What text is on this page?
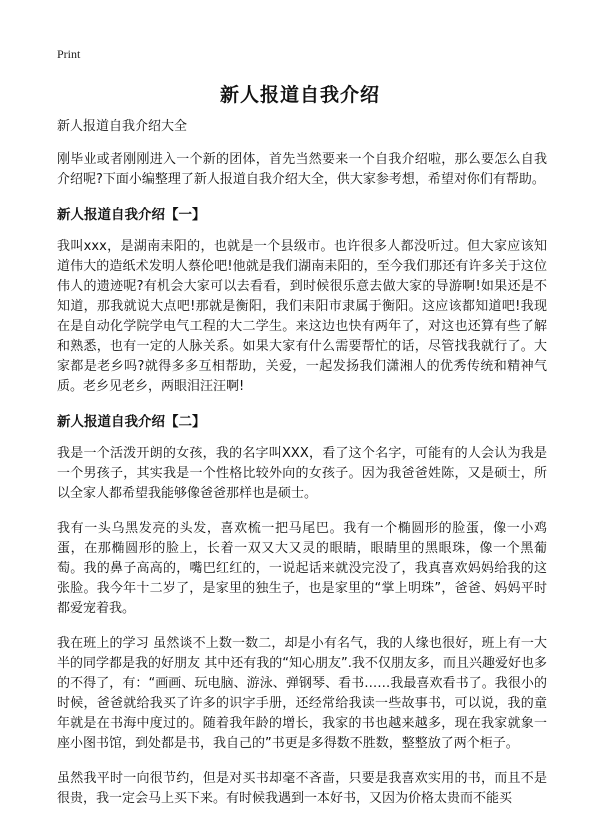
Print
新人报道自我介绍

新人报道自我介绍大全

刚毕业或者刚刚进入一个新的团体，首先当然要来一个自我介绍啦，那么要怎么自我介绍呢?下面小编整理了新人报道自我介绍大全，供大家参考想，希望对你们有帮助。

新人报道自我介绍【一】

我叫xxx，是湖南耒阳的，也就是一个县级市。也许很多人都没听过。但大家应该知道伟大的造纸术发明人蔡伦吧!他就是我们湖南耒阳的，至今我们那还有许多关于这位伟人的遗迹呢?有机会大家可以去看看，到时候很乐意去做大家的导游啊!如果还是不知道，那我就说大点吧!那就是衡阳，我们耒阳市隶属于衡阳。这应该都知道吧!我现在是自动化学院学电气工程的大二学生。来这边也快有两年了，对这也还算有些了解和熟悉，也有一定的人脉关系。如果大家有什么需要帮忙的话，尽管找我就行了。大家都是老乡吗?就得多多互相帮助，关爱，一起发扬我们潇湘人的优秀传统和精神气质。老乡见老乡，两眼泪汪汪啊!

新人报道自我介绍【二】

我是一个活泼开朗的女孩，我的名字叫XXX，看了这个名字，可能有的人会认为我是一个男孩子，其实我是一个性格比较外向的女孩子。因为我爸爸姓陈，又是硕士，所以全家人都希望我能够像爸爸那样也是硕士。

我有一头乌黑发亮的头发，喜欢梳一把马尾巴。我有一个椭圆形的脸蛋，像一小鸡蛋，在那椭圆形的脸上，长着一双又大又灵的眼睛，眼睛里的黑眼珠，像一个黑葡萄。我的鼻子高高的，嘴巴红红的，一说起话来就没完没了，我真喜欢妈妈给我的这张脸。我今年十二岁了，是家里的独生子，也是家里的“掌上明珠”，爸爸、妈妈平时都爱宠着我。

我在班上的学习 虽然谈不上数一数二，却是小有名气，我的人缘也很好，班上有一大半的同学都是我的好朋友 其中还有我的“知心朋友”.我不仅朋友多，而且兴趣爱好也多的不得了，有：“画画、玩电脑、游泳、弹钢琴、看书……我最喜欢看书了。我很小的时候，爸爸就给我买了许多的识字手册，还经常给我读一些故事书，可以说，我的童年就是在书海中度过的。随着我年龄的增长，我家的书也越来越多，现在我家就象一座小图书馆，到处都是书，我自己的”书更是多得数不胜数，整整放了两个柜子。

虽然我平时一向很节约，但是对买书却毫不吝啬，只要是我喜欢实用的书，而且不是很贵，我一定会马上买下来。有时候我遇到一本好书，又因为价格太贵而不能买
